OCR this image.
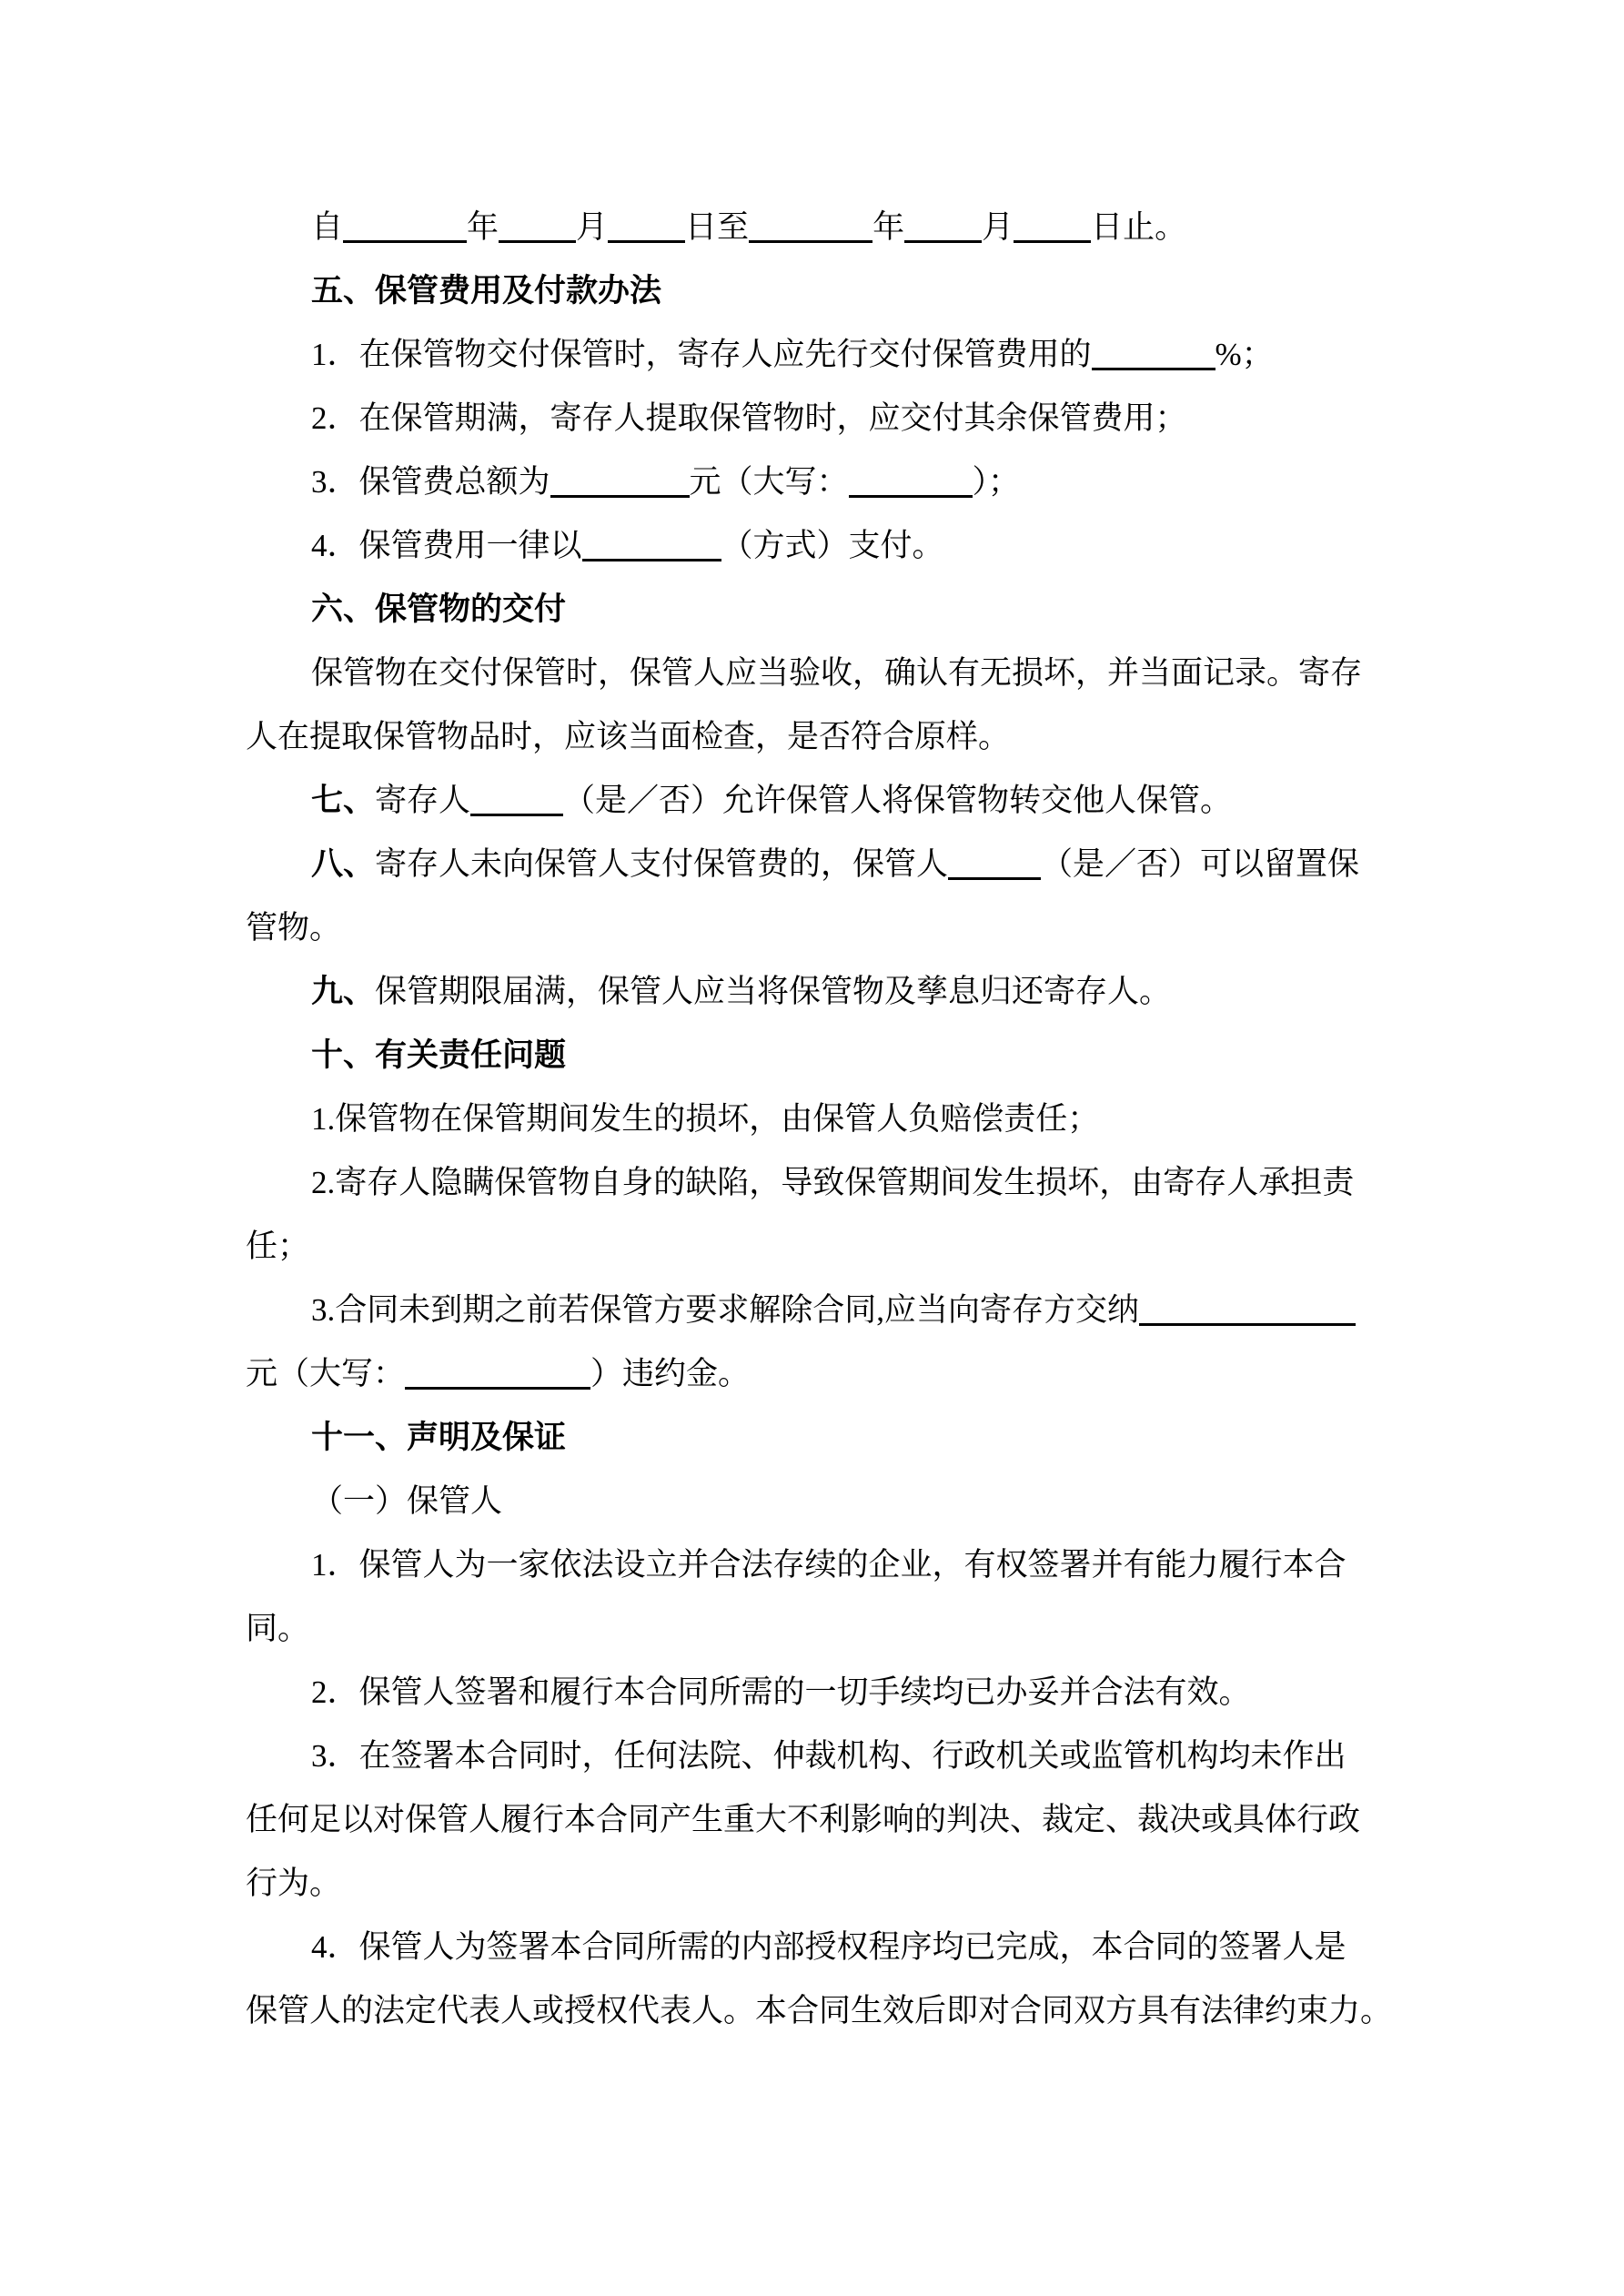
自	年 月 日至	年 月 日止。

五、保管费用及付款办法

1．在保管物交付保管时，寄存人应先行交付保管费用的	%；

2．在保管期满，寄存人提取保管物时，应交付其余保管费用；

3．保管费总额为	元（大写：	）；

4．保管费用一律以	（方式）支付。

六、保管物的交付

保管物在交付保管时，保管人应当验收，确认有无损坏，并当面记录。寄存

人在提取保管物品时，应该当面检查，是否符合原样。

七、寄存人	（是／否）允许保管人将保管物转交他人保管。

八、寄存人未向保管人支付保管费的，保管人	（是／否）可以留置保

管物。

九、保管期限届满，保管人应当将保管物及孳息归还寄存人。

十、有关责任问题

1.保管物在保管期间发生的损坏，由保管人负赔偿责任；

2.寄存人隐瞒保管物自身的缺陷，导致保管期间发生损坏，由寄存人承担责

任；

3.合同未到期之前若保管方要求解除合同,应当向寄存方交纳

元（大写：	）违约金。

十一、声明及保证

（一）保管人

1．保管人为一家依法设立并合法存续的企业，有权签署并有能力履行本合

同。

2．保管人签署和履行本合同所需的一切手续均已办妥并合法有效。

3．在签署本合同时，任何法院、仲裁机构、行政机关或监管机构均未作出

任何足以对保管人履行本合同产生重大不利影响的判决、裁定、裁决或具体行政

行为。

4．保管人为签署本合同所需的内部授权程序均已完成，本合同的签署人是

保管人的法定代表人或授权代表人。本合同生效后即对合同双方具有法律约束力。
